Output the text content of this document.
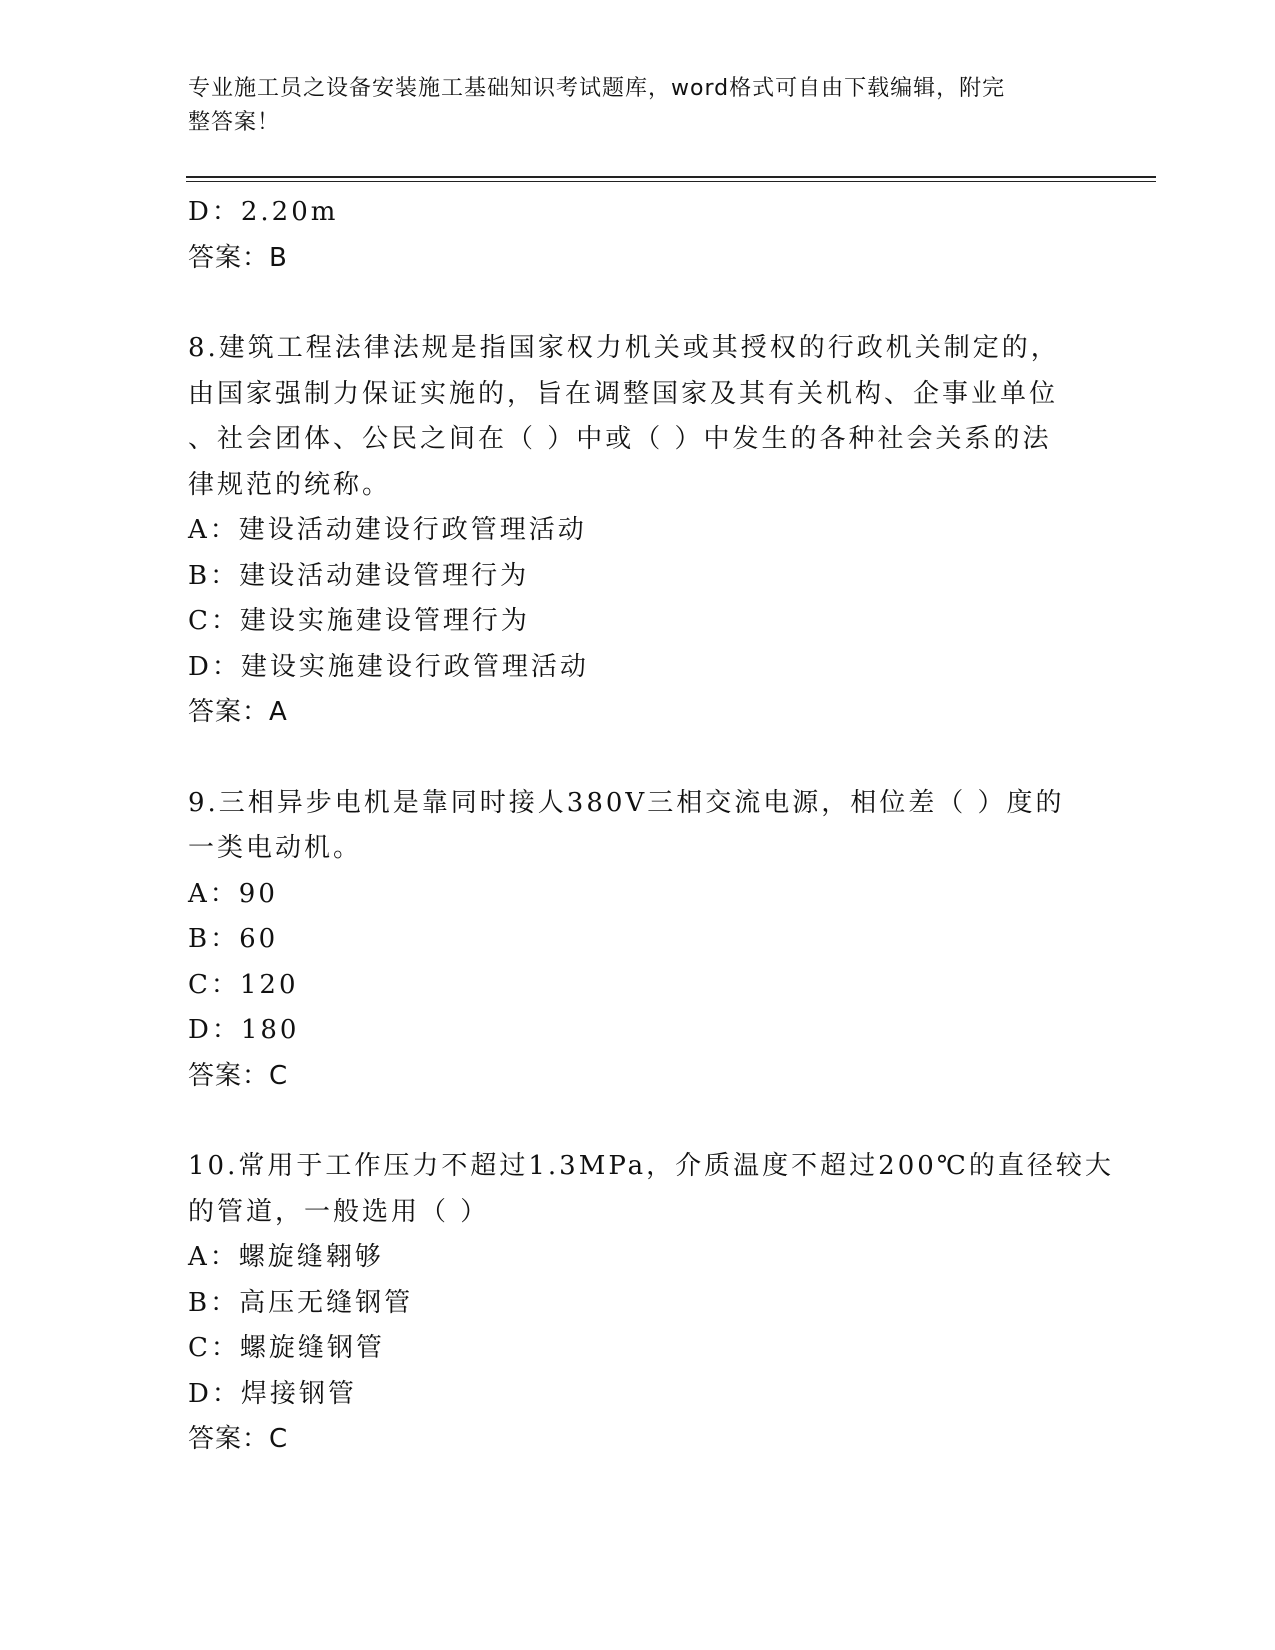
专业施工员之设备安装施工基础知识考试题库，word格式可自由下载编辑，附完
整答案！

D：2.20m

答案：B

8.建筑工程法律法规是指国家权力机关或其授权的行政机关制定的，
由国家强制力保证实施的，旨在调整国家及其有关机构、企事业单位
、社会团体、公民之间在（ ）中或（ ）中发生的各种社会关系的法
律规范的统称。

A：建设活动建设行政管理活动

B：建设活动建设管理行为

C：建设实施建设管理行为

D：建设实施建设行政管理活动

答案：A

9.三相异步电机是靠同时接人380V三相交流电源，相位差（ ）度的
一类电动机。

A：90

B：60

C：120

D：180

答案：C

10.常用于工作压力不超过1.3MPa，介质温度不超过200℃的直径较大
的管道，一般选用（ ）

A：螺旋缝翱够

B：高压无缝钢管

C：螺旋缝钢管

D：焊接钢管

答案：C
